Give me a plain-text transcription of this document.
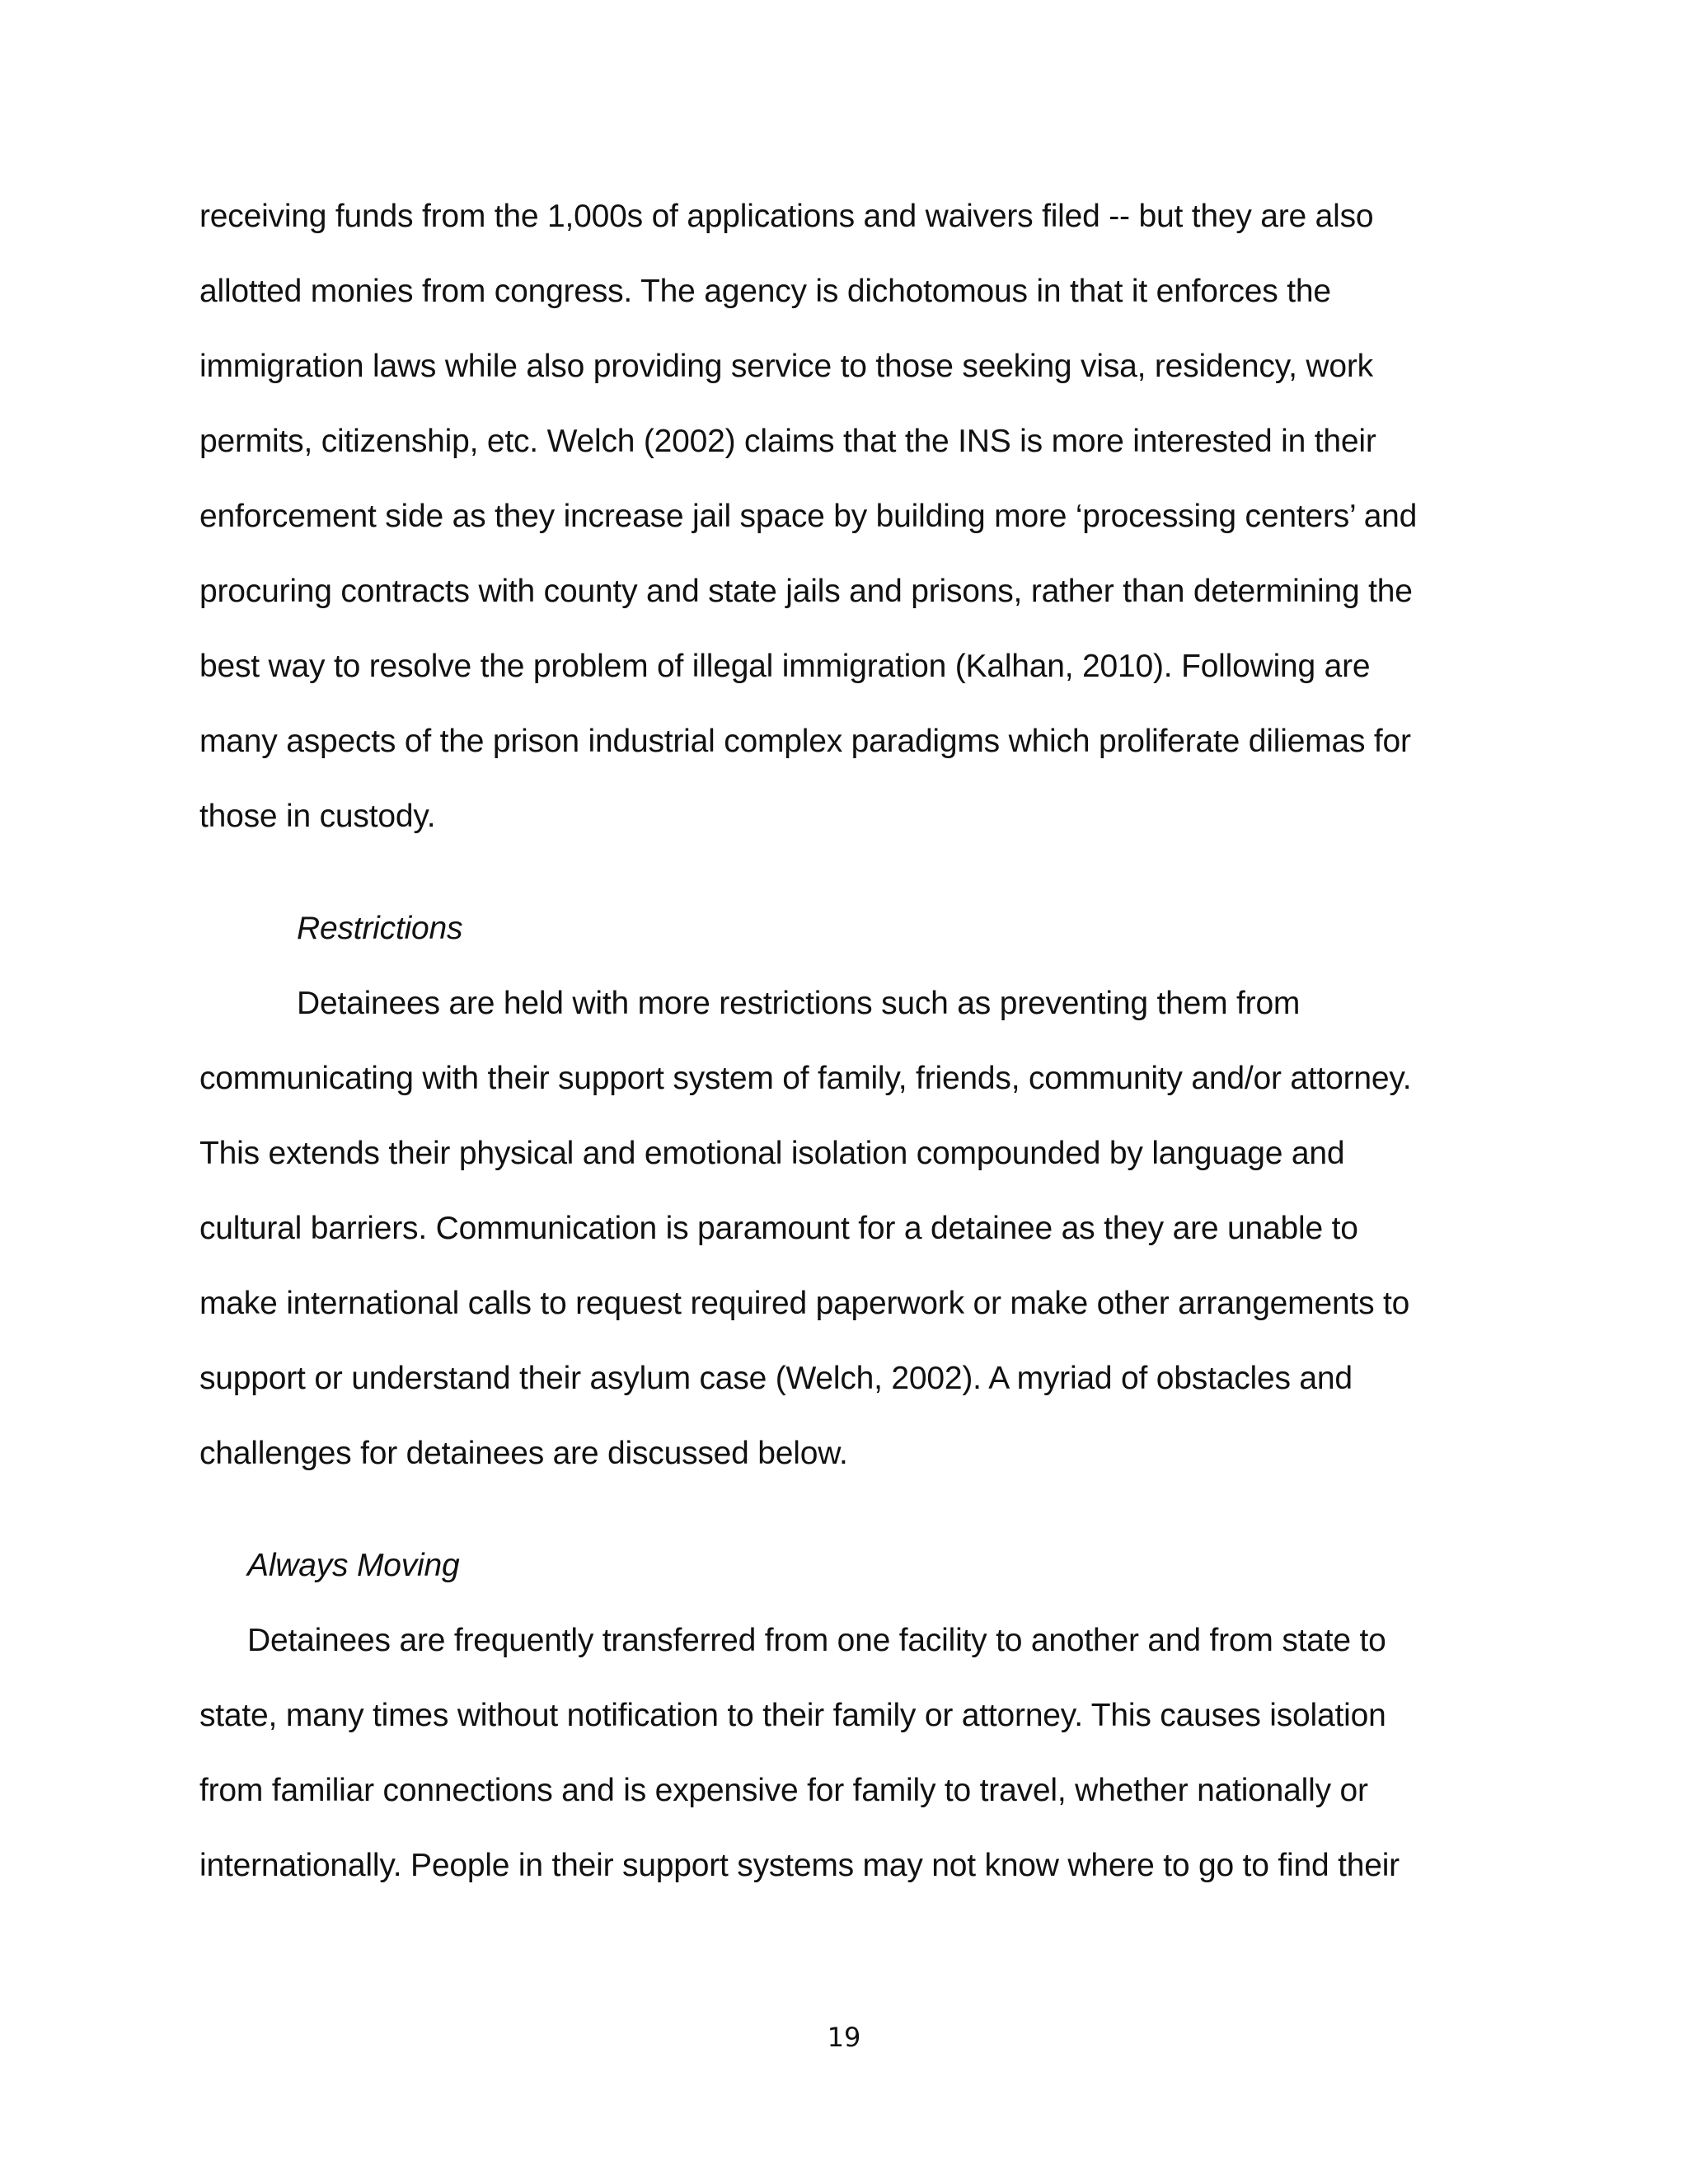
receiving funds from the 1,000s of applications and waivers filed -- but they are also
allotted monies from congress. The agency is dichotomous in that it enforces the
immigration laws while also providing service to those seeking visa, residency, work
permits, citizenship, etc. Welch (2002) claims that the INS is more interested in their
enforcement side as they increase jail space by building more ‘processing centers’ and
procuring contracts with county and state jails and prisons, rather than determining the
best way to resolve the problem of illegal immigration (Kalhan, 2010). Following are
many aspects of the prison industrial complex paradigms which proliferate diliemas for
those in custody.
Restrictions
Detainees are held with more restrictions such as preventing them from
communicating with their support system of family, friends, community and/or attorney.
This extends their physical and emotional isolation compounded by language and
cultural barriers. Communication is paramount for a detainee as they are unable to
make international calls to request required paperwork or make other arrangements to
support or understand their asylum case (Welch, 2002). A myriad of obstacles and
challenges for detainees are discussed below.
Always Moving
Detainees are frequently transferred from one facility to another and from state to
state, many times without notification to their family or attorney. This causes isolation
from familiar connections and is expensive for family to travel, whether nationally or
internationally. People in their support systems may not know where to go to find their
19
